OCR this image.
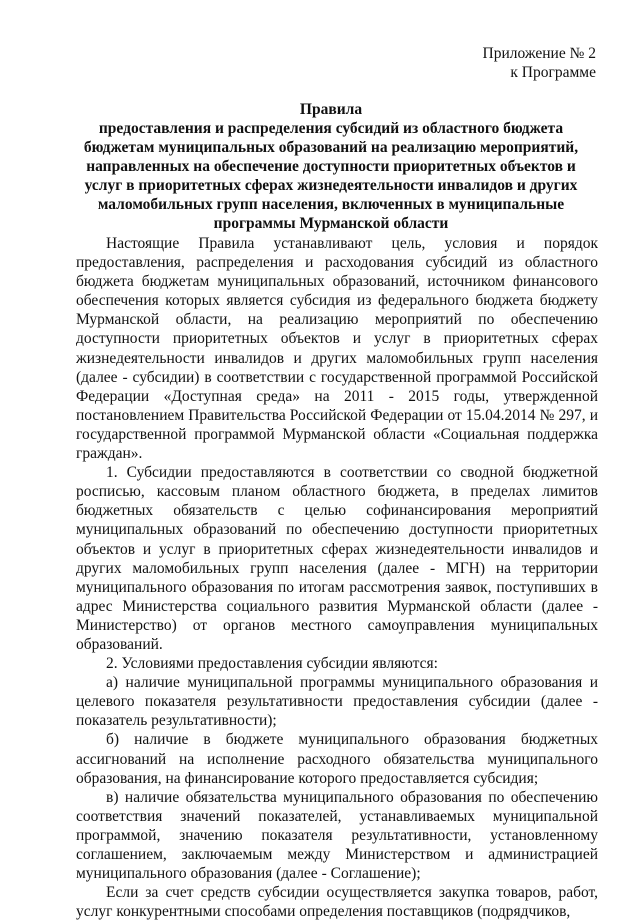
Приложение № 2
к Программе
Правила
предоставления и распределения субсидий из областного бюджета
бюджетам муниципальных образований на реализацию мероприятий,
направленных на обеспечение доступности приоритетных объектов и
услуг в приоритетных сферах жизнедеятельности инвалидов и других
маломобильных групп населения, включенных в муниципальные
программы Мурманской области

Настоящие Правила устанавливают цель, условия и порядок предоставления, распределения и расходования субсидий из областного бюджета бюджетам муниципальных образований, источником финансового обеспечения которых является субсидия из федерального бюджета бюджету Мурманской области, на реализацию мероприятий по обеспечению доступности приоритетных объектов и услуг в приоритетных сферах жизнедеятельности инвалидов и других маломобильных групп населения (далее - субсидии) в соответствии с государственной программой Российской Федерации «Доступная среда» на 2011 - 2015 годы, утвержденной постановлением Правительства Российской Федерации от 15.04.2014 № 297, и государственной программой Мурманской области «Социальная поддержка граждан».

1. Субсидии предоставляются в соответствии со сводной бюджетной росписью, кассовым планом областного бюджета, в пределах лимитов бюджетных обязательств с целью софинансирования мероприятий муниципальных образований по обеспечению доступности приоритетных объектов и услуг в приоритетных сферах жизнедеятельности инвалидов и других маломобильных групп населения (далее - МГН) на территории муниципального образования по итогам рассмотрения заявок, поступивших в адрес Министерства социального развития Мурманской области (далее - Министерство) от органов местного самоуправления муниципальных образований.

2. Условиями предоставления субсидии являются:

а) наличие муниципальной программы муниципального образования и целевого показателя результативности предоставления субсидии (далее - показатель результативности);

б) наличие в бюджете муниципального образования бюджетных ассигнований на исполнение расходного обязательства муниципального образования, на финансирование которого предоставляется субсидия;

в) наличие обязательства муниципального образования по обеспечению соответствия значений показателей, устанавливаемых муниципальной программой, значению показателя результативности, установленному соглашением, заключаемым между Министерством и администрацией муниципального образования (далее - Соглашение);

Если за счет средств субсидии осуществляется закупка товаров, работ, услуг конкурентными способами определения поставщиков (подрядчиков,
